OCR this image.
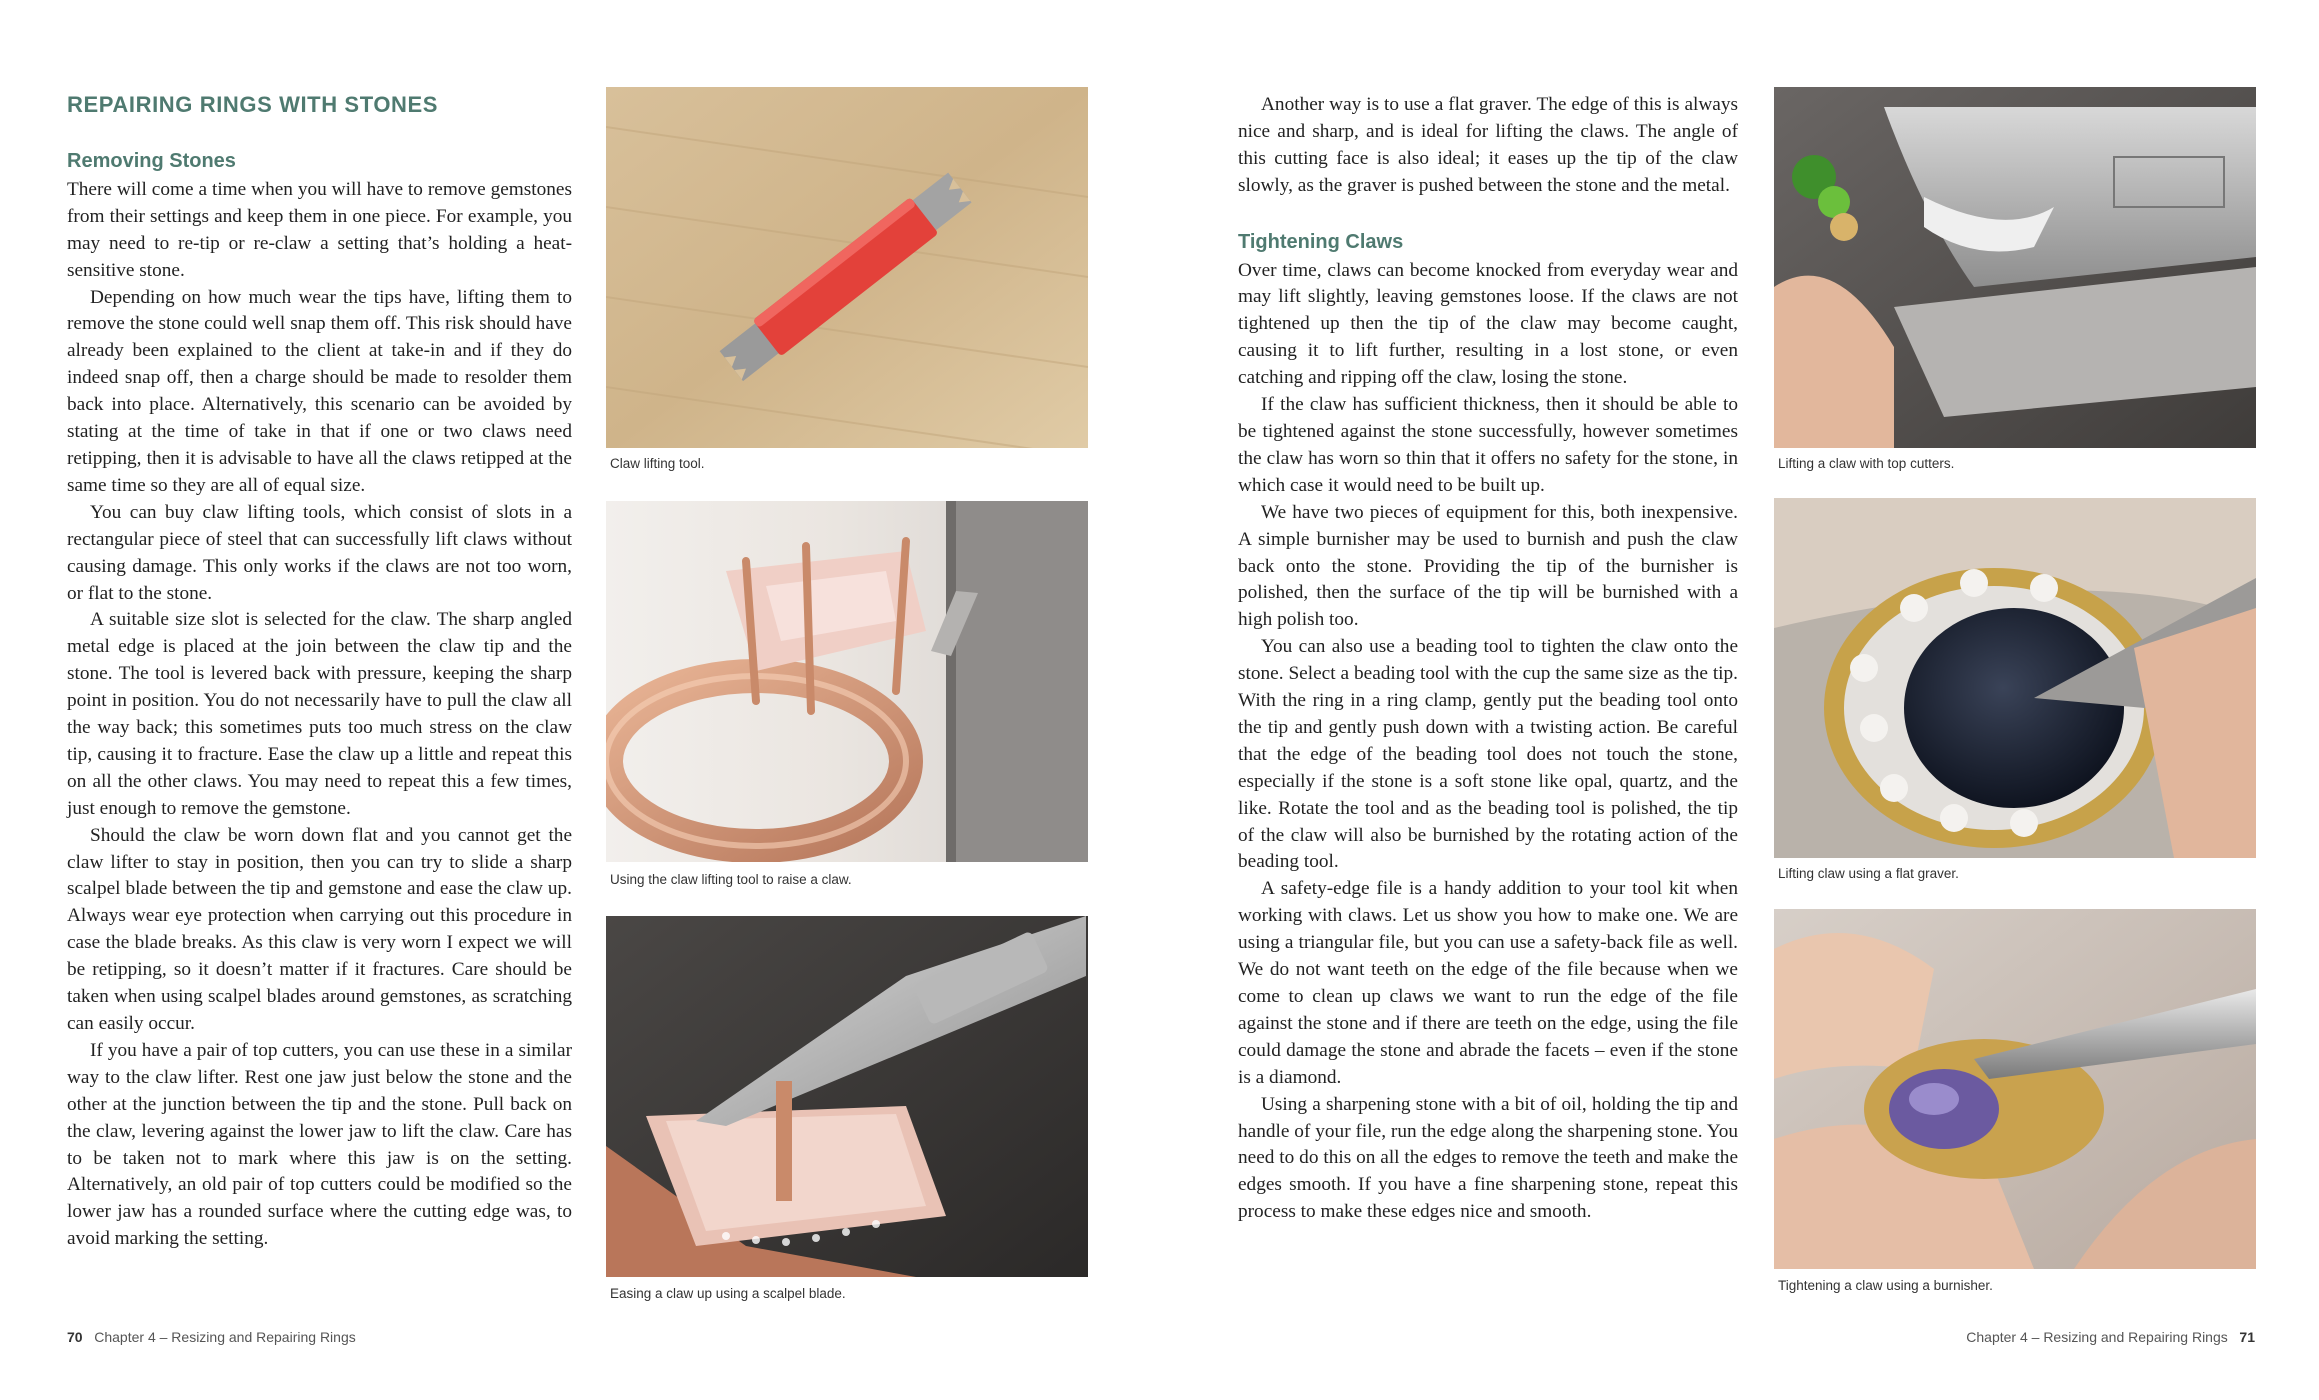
REPAIRING RINGS WITH STONES
Removing Stones

There will come a time when you will have to remove gemstones from their settings and keep them in one piece. For example, you may need to re-tip or re-claw a setting that’s holding a heat-sensitive stone.

Depending on how much wear the tips have, lifting them to remove the stone could well snap them off. This risk should have already been explained to the client at take-in and if they do indeed snap off, then a charge should be made to resolder them back into place. Alternatively, this scenario can be avoided by stating at the time of take in that if one or two claws need retipping, then it is advisable to have all the claws retipped at the same time so they are all of equal size.

You can buy claw lifting tools, which consist of slots in a rectangular piece of steel that can successfully lift claws without causing damage. This only works if the claws are not too worn, or flat to the stone.

A suitable size slot is selected for the claw. The sharp angled metal edge is placed at the join between the claw tip and the stone. The tool is levered back with pressure, keeping the sharp point in position. You do not necessarily have to pull the claw all the way back; this sometimes puts too much stress on the claw tip, causing it to fracture. Ease the claw up a little and repeat this on all the other claws. You may need to repeat this a few times, just enough to remove the gemstone.

Should the claw be worn down flat and you cannot get the claw lifter to stay in position, then you can try to slide a sharp scalpel blade between the tip and gemstone and ease the claw up. Always wear eye protection when carrying out this procedure in case the blade breaks. As this claw is very worn I expect we will be retipping, so it doesn’t matter if it fractures. Care should be taken when using scalpel blades around gemstones, as scratching can easily occur.

If you have a pair of top cutters, you can use these in a similar way to the claw lifter. Rest one jaw just below the stone and the other at the junction between the tip and the stone. Pull back on the claw, levering against the lower jaw to lift the claw. Care has to be taken not to mark where this jaw is on the setting. Alternatively, an old pair of top cutters could be modified so the lower jaw has a rounded surface where the cutting edge was, to avoid marking the setting.

Claw lifting tool.

Using the claw lifting tool to raise a claw.

Easing a claw up using a scalpel blade.

70 Chapter 4 – Resizing and Repairing Rings

Another way is to use a flat graver. The edge of this is always nice and sharp, and is ideal for lifting the claws. The angle of this cutting face is also ideal; it eases up the tip of the claw slowly, as the graver is pushed between the stone and the metal.

Tightening Claws

Over time, claws can become knocked from everyday wear and may lift slightly, leaving gemstones loose. If the claws are not tightened up then the tip of the claw may become caught, causing it to lift further, resulting in a lost stone, or even catching and ripping off the claw, losing the stone.

If the claw has sufficient thickness, then it should be able to be tightened against the stone successfully, however sometimes the claw has worn so thin that it offers no safety for the stone, in which case it would need to be built up.

We have two pieces of equipment for this, both inexpensive. A simple burnisher may be used to burnish and push the claw back onto the stone. Providing the tip of the burnisher is polished, then the surface of the tip will be burnished with a high polish too.

You can also use a beading tool to tighten the claw onto the stone. Select a beading tool with the cup the same size as the tip. With the ring in a ring clamp, gently put the beading tool onto the tip and gently push down with a twisting action. Be careful that the edge of the beading tool does not touch the stone, especially if the stone is a soft stone like opal, quartz, and the like. Rotate the tool and as the beading tool is polished, the tip of the claw will also be burnished by the rotating action of the beading tool.

A safety-edge file is a handy addition to your tool kit when working with claws. Let us show you how to make one. We are using a triangular file, but you can use a safety-back file as well. We do not want teeth on the edge of the file because when we come to clean up claws we want to run the edge of the file against the stone and if there are teeth on the edge, using the file could damage the stone and abrade the facets – even if the stone is a diamond.

Using a sharpening stone with a bit of oil, holding the tip and handle of your file, run the edge along the sharpening stone. You need to do this on all the edges to remove the teeth and make the edges smooth. If you have a fine sharpening stone, repeat this process to make these edges nice and smooth.

Lifting a claw with top cutters.

Lifting claw using a flat graver.

Tightening a claw using a burnisher.

Chapter 4 – Resizing and Repairing Rings 71
